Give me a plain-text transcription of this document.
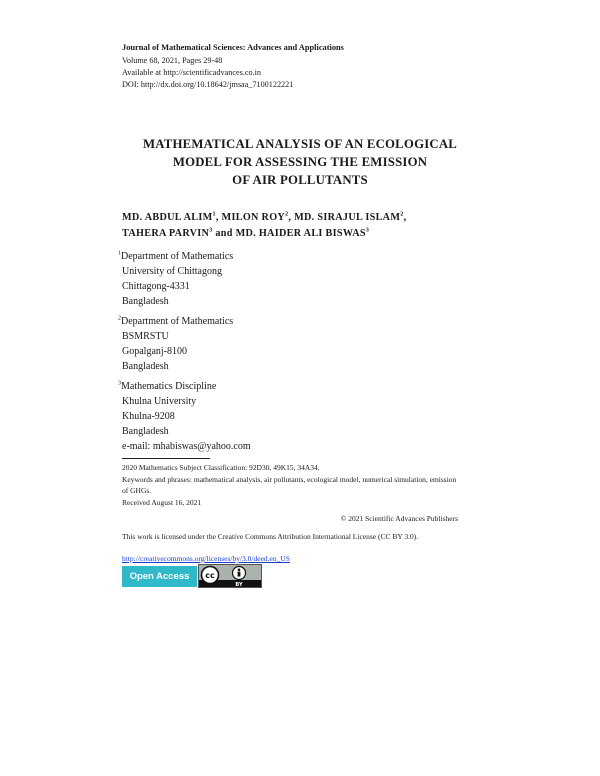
Journal of Mathematical Sciences: Advances and Applications
Volume 68, 2021, Pages 29-48
Available at http://scientificadvances.co.in
DOI: http://dx.doi.org/10.18642/jmsaa_7100122221
MATHEMATICAL ANALYSIS OF AN ECOLOGICAL
MODEL FOR ASSESSING THE EMISSION
OF AIR POLLUTANTS
MD. ABDUL ALIM$^1$, MILON ROY$^2$, MD. SIRAJUL ISLAM$^2$,
TAHERA PARVIN$^3$ and MD. HAIDER ALI BISWAS$^3$
$^1$Department of Mathematics
University of Chittagong
Chittagong-4331
Bangladesh
$^2$Department of Mathematics
BSMRSTU
Gopalganj-8100
Bangladesh
$^3$Mathematics Discipline
Khulna University
Khulna-9208
Bangladesh
e-mail: mhabiswas@yahoo.com
2020 Mathematics Subject Classification: 92D30, 49K15, 34A34.
Keywords and phrases: mathematical analysis, air pollutants, ecological model, numerical simulation, emission of GHGs.
Received August 16, 2021
© 2021 Scientific Advances Publishers
This work is licensed under the Creative Commons Attribution International License (CC BY 3.0).
http://creativecommons.org/licenses/by/3.0/deed.en_US
Open Access	cc
BY
